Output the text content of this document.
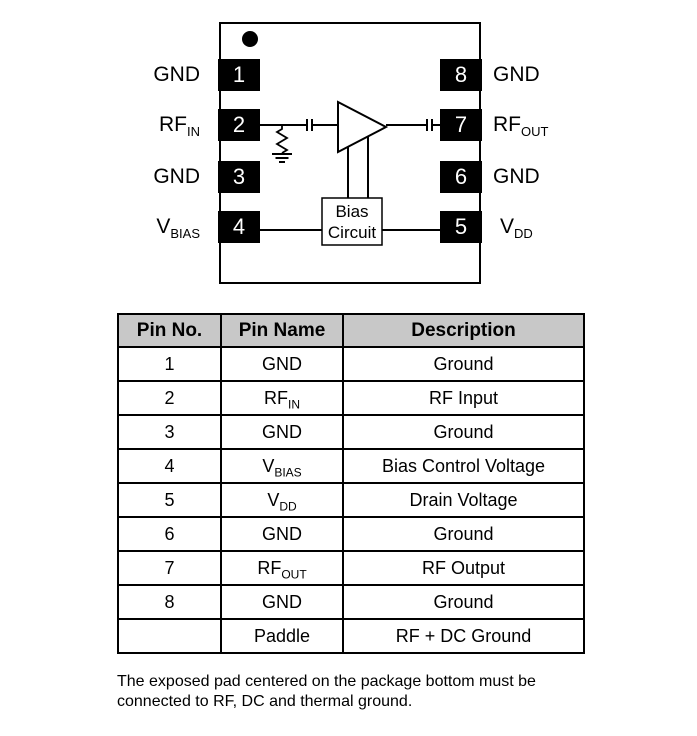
GND
$RF_{IN}$
GND
$V_{BIAS}$
GND
$RF_{OUT}$
GND
$V_{DD}$
1
2
3
4
8
7
6
5
Bias
Circuit
Pin No.	Pin Name	Description
1	GND	Ground
2	$RF_{IN}$	RF Input
3	GND	Ground
4	$V_{BIAS}$	Bias Control Voltage
5	$V_{DD}$	Drain Voltage
6	GND	Ground
7	$RF_{OUT}$	RF Output
8	GND	Ground
	Paddle	RF + DC Ground
The exposed pad centered on the package bottom must be
connected to RF, DC and thermal ground.
